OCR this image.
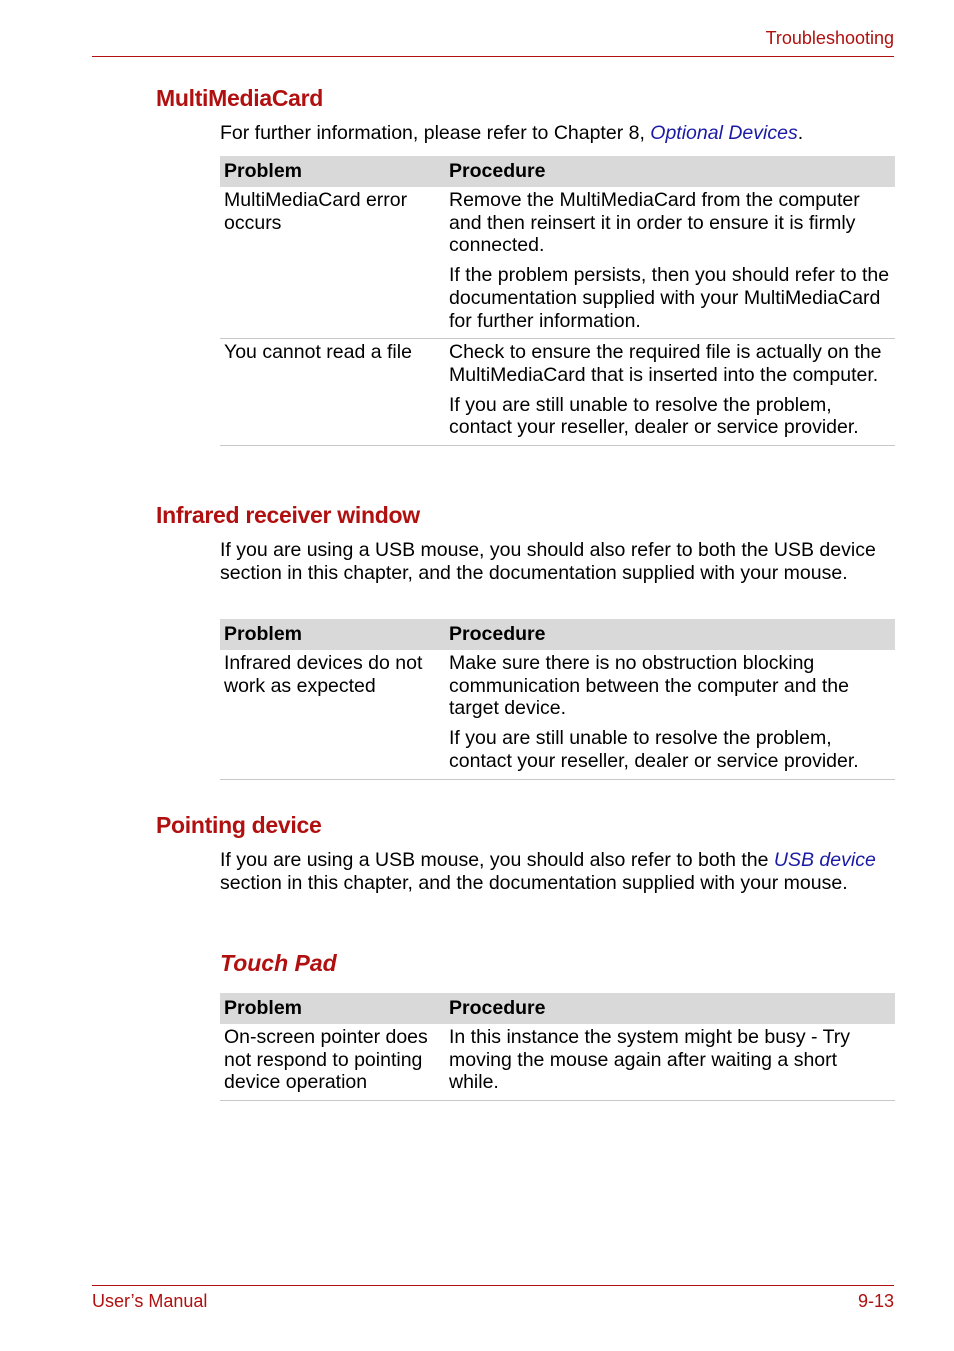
Troubleshooting
MultiMediaCard
For further information, please refer to Chapter 8, Optional Devices.
Problem	Procedure
MultiMediaCard error occurs	Remove the MultiMediaCard from the computer and then reinsert it in order to ensure it is firmly connected.

If the problem persists, then you should refer to the documentation supplied with your MultiMediaCard for further information.

You cannot read a file	Check to ensure the required file is actually on the MultiMediaCard that is inserted into the computer.

If you are still unable to resolve the problem, contact your reseller, dealer or service provider.

Infrared receiver window
If you are using a USB mouse, you should also refer to both the USB device section in this chapter, and the documentation supplied with your mouse.
Problem	Procedure
Infrared devices do not work as expected	Make sure there is no obstruction blocking communication between the computer and the target device.

If you are still unable to resolve the problem, contact your reseller, dealer or service provider.

Pointing device
If you are using a USB mouse, you should also refer to both the USB device section in this chapter, and the documentation supplied with your mouse.
Touch Pad
Problem	Procedure
On-screen pointer does not respond to pointing device operation	In this instance the system might be busy - Try moving the mouse again after waiting a short while.

User’s Manual	9-13
